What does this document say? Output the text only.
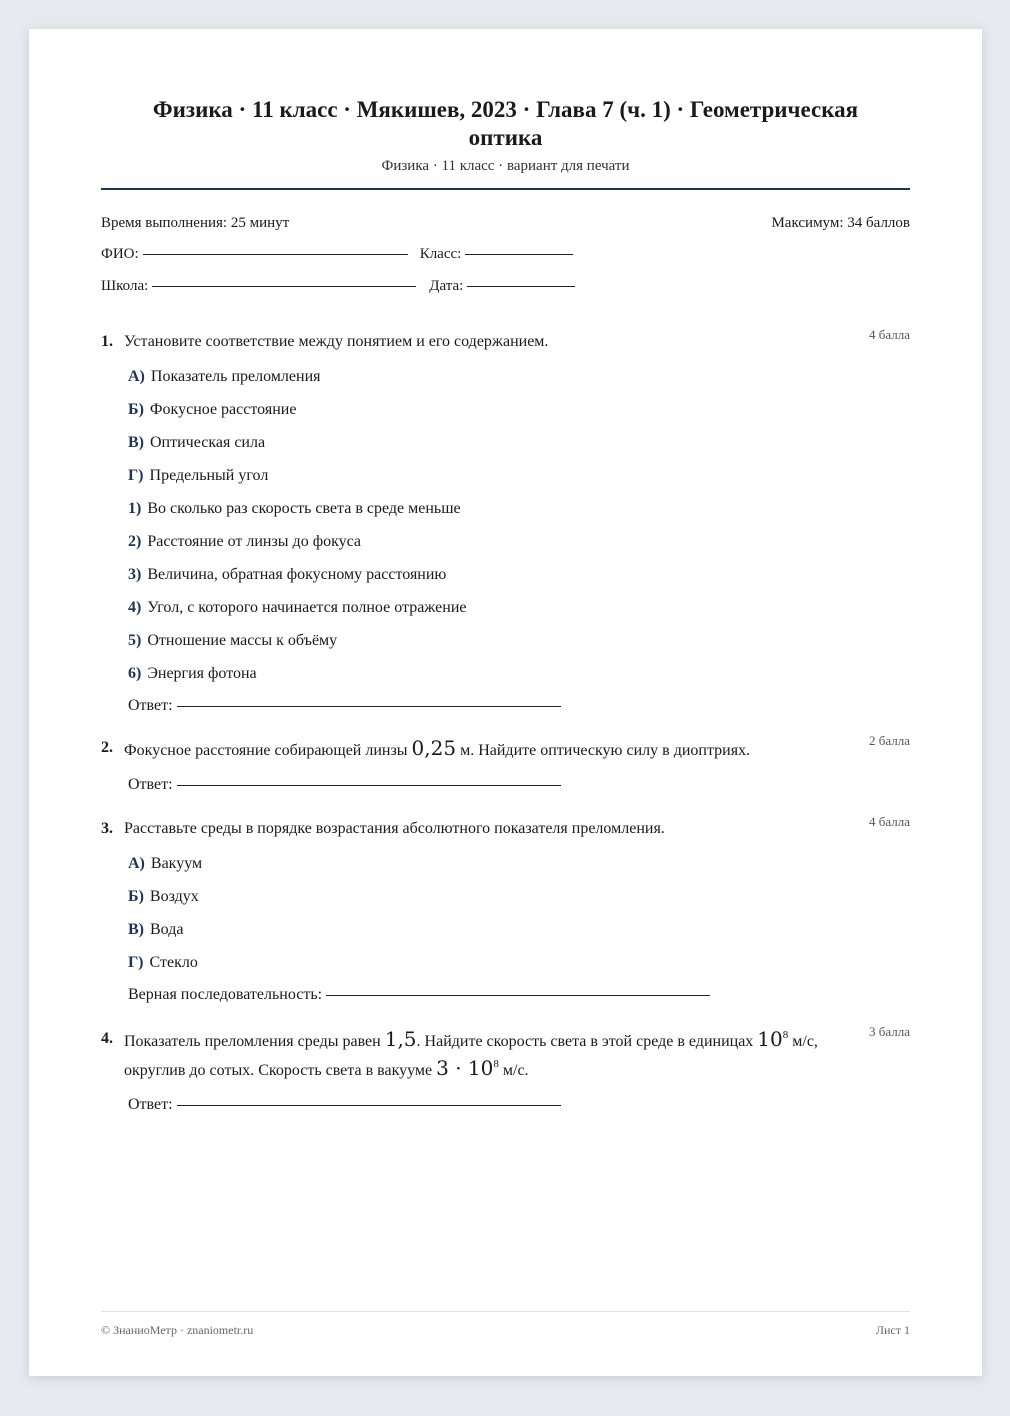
Физика · 11 класс · Мякишев, 2023 · Глава 7 (ч. 1) · Геометрическая оптика
Физика · 11 класс · вариант для печати
Время выполнения: 25 минут	Максимум: 34 баллов
ФИО:	Класс:
Школа:	Дата:
1. Установите соответствие между понятием и его содержанием.	4 балла
А) Показатель преломления
Б) Фокусное расстояние
В) Оптическая сила
Г) Предельный угол
1) Во сколько раз скорость света в среде меньше
2) Расстояние от линзы до фокуса
3) Величина, обратная фокусному расстоянию
4) Угол, с которого начинается полное отражение
5) Отношение массы к объёму
6) Энергия фотона
Ответ:
2. Фокусное расстояние собирающей линзы 0,25 м. Найдите оптическую силу в диоптриях.
2 балла
Ответ:
3. Расставьте среды в порядке возрастания абсолютного показателя преломления.	4 балла
А) Вакуум
Б) Воздух
В) Вода
Г) Стекло
Верная последовательность:
4. Показатель преломления среды равен 1,5. Найдите скорость света в этой среде в единицах $10^8$ м/с, округлив до сотых. Скорость света в вакууме $3 \cdot 10^8$ м/с.
3 балла
Ответ:
© ЗнаниоМетр · znaniometr.ru	Лист 1
